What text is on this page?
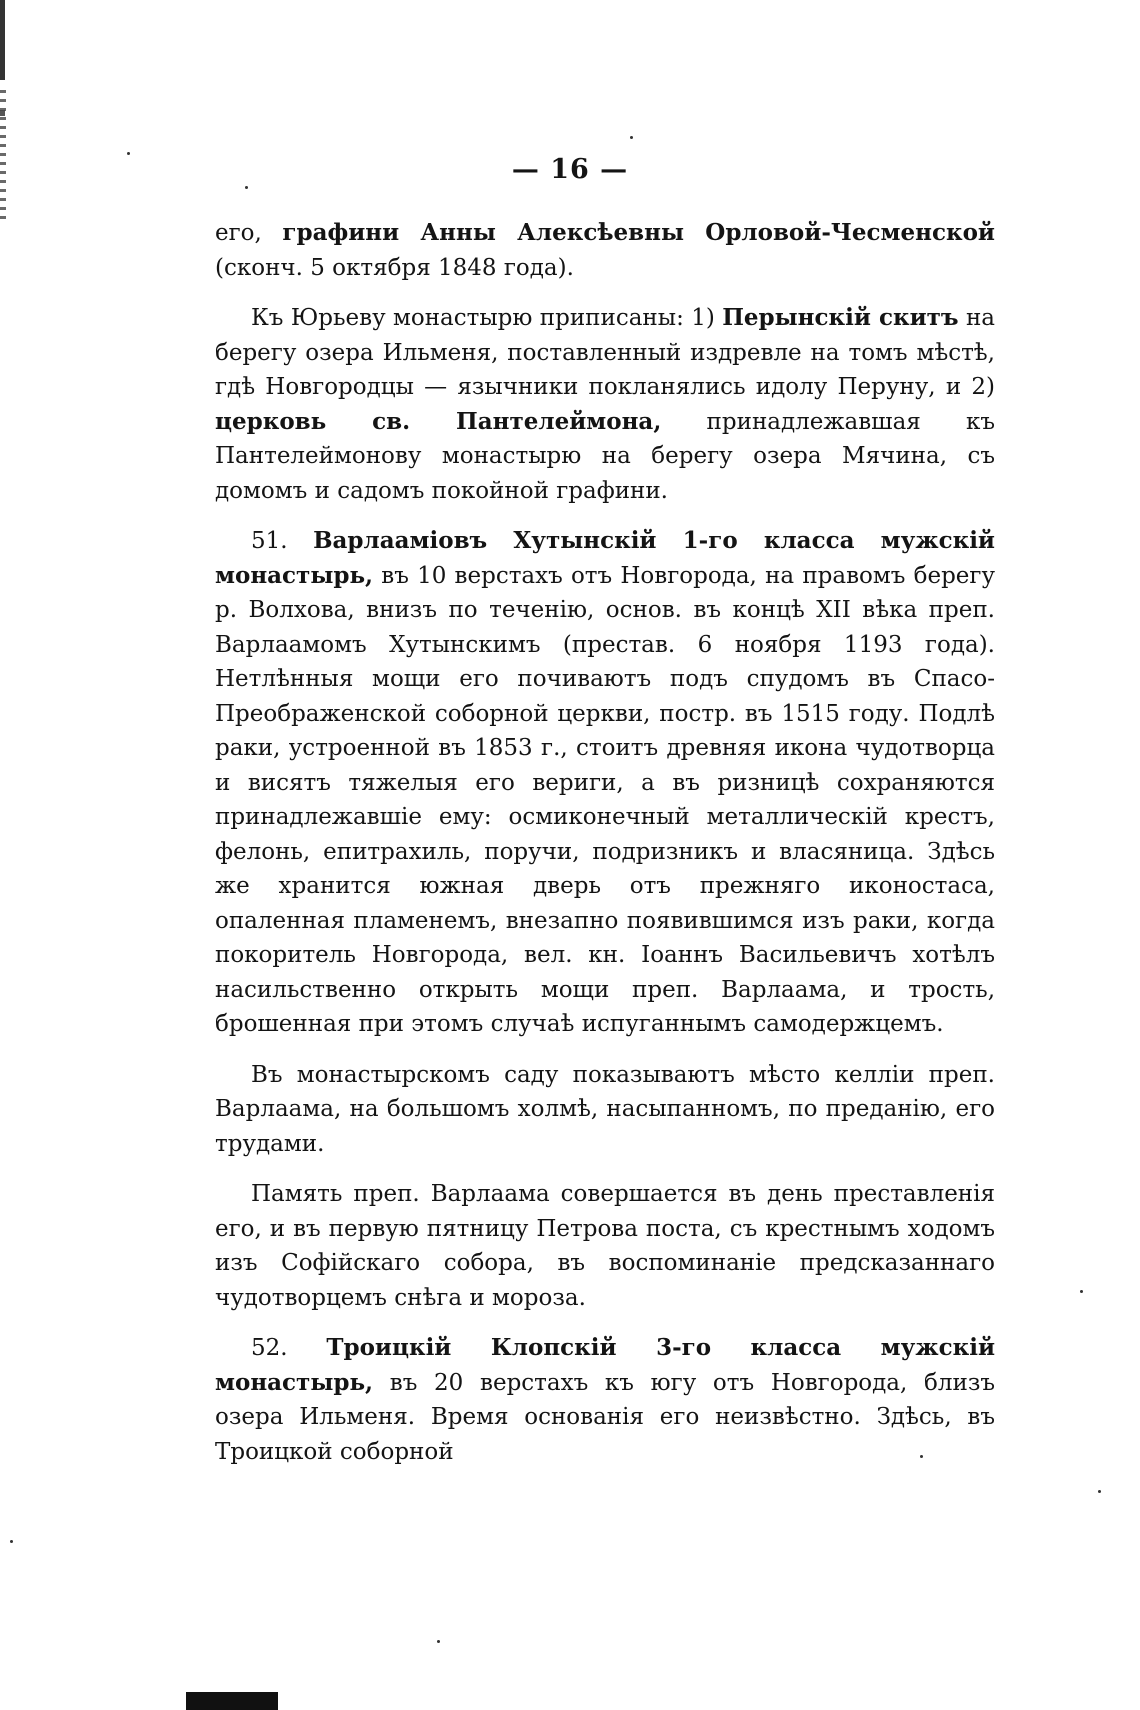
— 16 —

его, графини Анны Алексѣевны Орловой-Чесменской (сконч. 5 октября 1848 года).

Къ Юрьеву монастырю приписаны: 1) Перынскій скитъ на берегу озера Ильменя, поставленный издревле на томъ мѣстѣ, гдѣ Новгородцы — язычники покланялись идолу Перуну, и 2) церковь св. Пантелеймона, принадлежавшая къ Пантелеймонову монастырю на берегу озера Мячина, съ домомъ и садомъ покойной графини.

51. Варлааміовъ Хутынскій 1-го класса мужскій монастырь, въ 10 верстахъ отъ Новгорода, на правомъ берегу р. Волхова, внизъ по теченію, основ. въ концѣ XII вѣка преп. Варлаамомъ Хутынскимъ (престав. 6 ноября 1193 года). Нетлѣнныя мощи его почиваютъ подъ спудомъ въ Спасо-Преображенской соборной церкви, постр. въ 1515 году. Подлѣ раки, устроенной въ 1853 г., стоитъ древняя икона чудотворца и висятъ тяжелыя его вериги, а въ ризницѣ сохраняются принадлежавшіе ему: осмиконечный металлическій крестъ, фелонь, епитрахиль, поручи, подризникъ и власяница. Здѣсь же хранится южная дверь отъ прежняго иконостаса, опаленная пламенемъ, внезапно появившимся изъ раки, когда покоритель Новгорода, вел. кн. Іоаннъ Васильевичъ хотѣлъ насильственно открыть мощи преп. Варлаама, и трость, брошенная при этомъ случаѣ испуганнымъ самодержцемъ.

Въ монастырскомъ саду показываютъ мѣсто келліи преп. Варлаама, на большомъ холмѣ, насыпанномъ, по преданію, его трудами.

Память преп. Варлаама совершается въ день преставленія его, и въ первую пятницу Петрова поста, съ крестнымъ ходомъ изъ Софійскаго собора, въ воспоминаніе предсказаннаго чудотворцемъ снѣга и мороза.

52. Троицкій Клопскій 3-го класса мужскій монастырь, въ 20 верстахъ къ югу отъ Новгорода, близъ озера Ильменя. Время основанія его неизвѣстно. Здѣсь, въ Троицкой соборной
